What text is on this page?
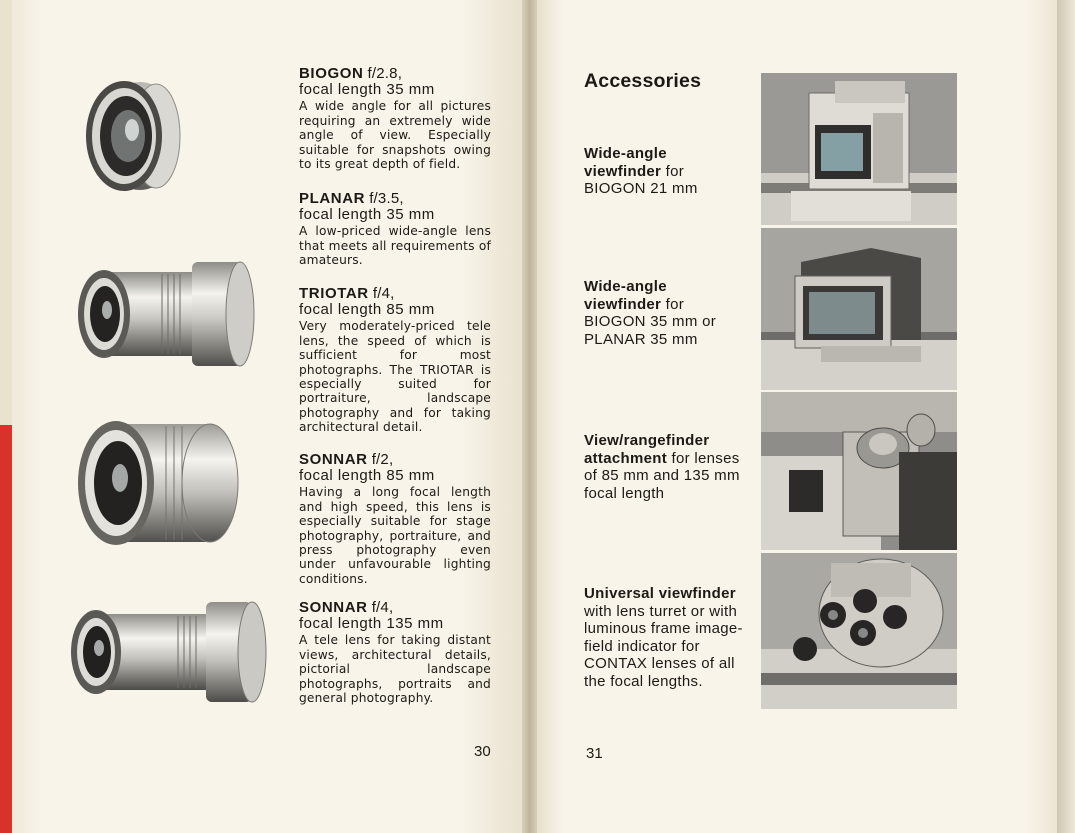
BIOGON f/2.8,
focal length 35 mm
A wide angle for all pictures requiring an extremely wide angle of view. Especially suitable for snapshots owing to its great depth of field.
PLANAR f/3.5,
focal length 35 mm
A low-priced wide-angle lens that meets all requirements of amateurs.
TRIOTAR f/4,
focal length 85 mm
Very moderately-priced tele lens, the speed of which is sufficient for most photographs. The TRIOTAR is especially suited for portraiture, landscape photography and for taking architectural detail.
SONNAR f/2,
focal length 85 mm
Having a long focal length and high speed, this lens is especially suitable for stage photography, portraiture, and press photography even under unfavourable lighting conditions.
SONNAR f/4,
focal length 135 mm
A tele lens for taking distant views, architectural details, pictorial landscape photographs, portraits and general photography.
30
Accessories
Wide-angle viewfinder for BIOGON 21 mm
Wide-angle viewfinder for BIOGON 35 mm or PLANAR 35 mm
View/rangefinder attachment for lenses of 85 mm and 135 mm focal length
Universal viewfinder with lens turret or with luminous frame image-field indicator for CONTAX lenses of all the focal lengths.
31
